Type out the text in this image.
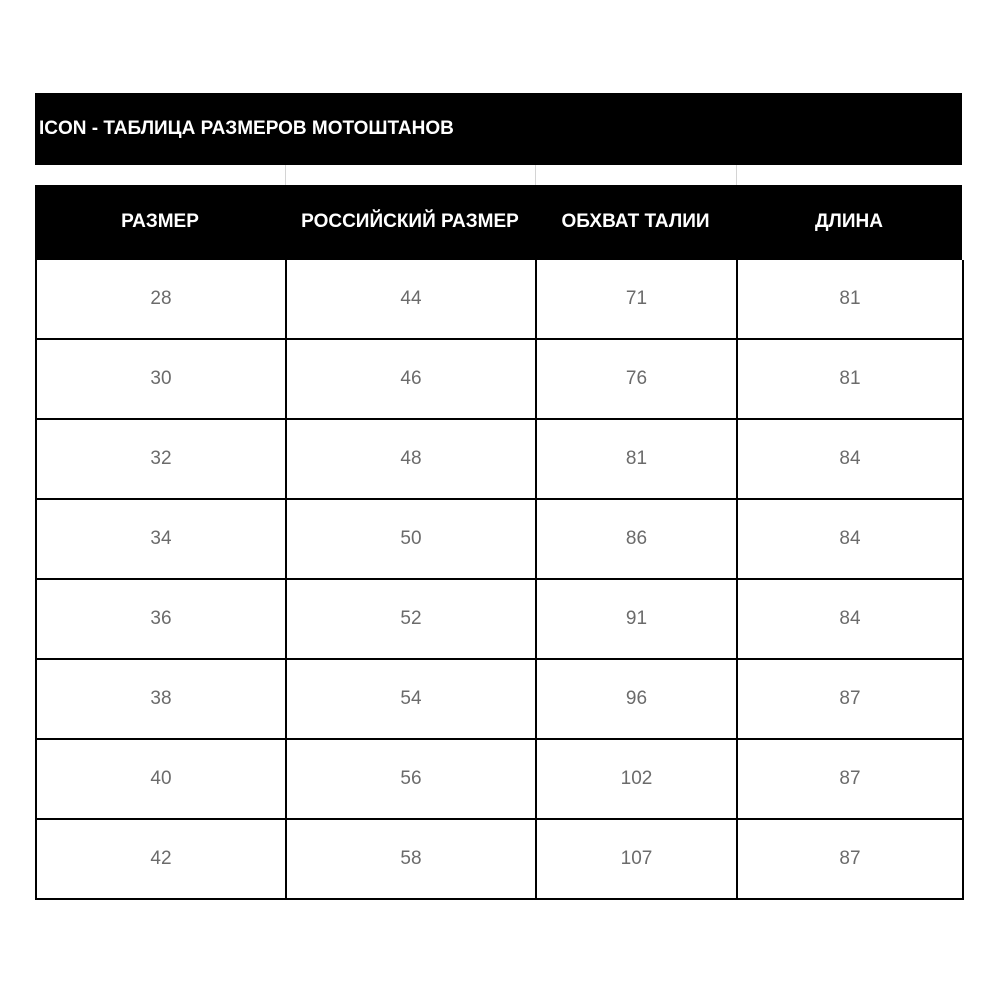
ICON - ТАБЛИЦА РАЗМЕРОВ МОТОШТАНОВ
РАЗМЕР	РОССИЙСКИЙ РАЗМЕР	ОБХВАТ ТАЛИИ	ДЛИНА
28	44	71	81
30	46	76	81
32	48	81	84
34	50	86	84
36	52	91	84
38	54	96	87
40	56	102	87
42	58	107	87
